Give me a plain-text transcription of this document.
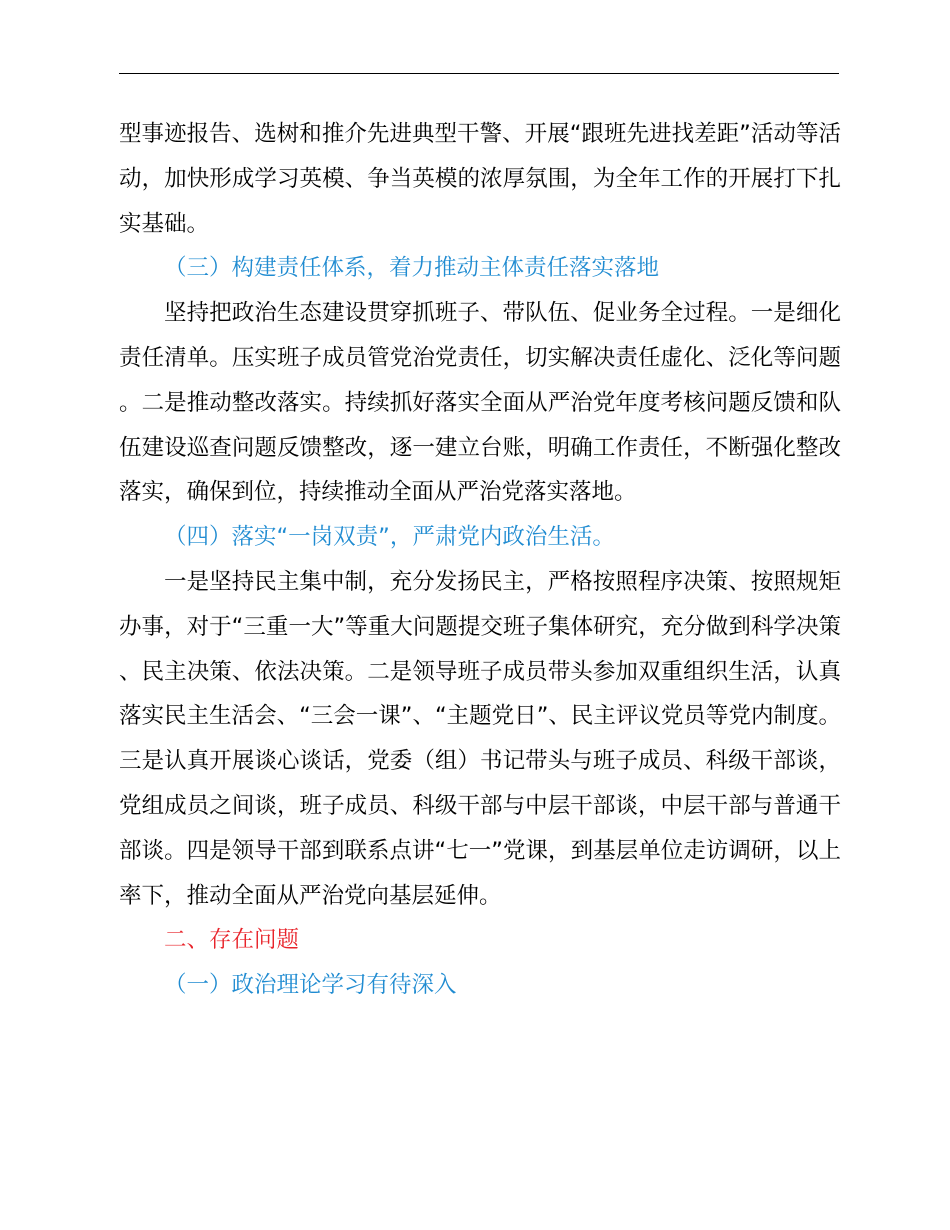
型事迹报告、选树和推介先进典型干警、开展“跟班先进找差距”活动等活动，加快形成学习英模、争当英模的浓厚氛围，为全年工作的开展打下扎实基础。

（三）构建责任体系，着力推动主体责任落实落地

坚持把政治生态建设贯穿抓班子、带队伍、促业务全过程。一是细化责任清单。压实班子成员管党治党责任，切实解决责任虚化、泛化等问题。二是推动整改落实。持续抓好落实全面从严治党年度考核问题反馈和队伍建设巡查问题反馈整改，逐一建立台账，明确工作责任，不断强化整改落实，确保到位，持续推动全面从严治党落实落地。

（四）落实“一岗双责”，严肃党内政治生活。

一是坚持民主集中制，充分发扬民主，严格按照程序决策、按照规矩办事，对于“三重一大”等重大问题提交班子集体研究，充分做到科学决策、民主决策、依法决策。二是领导班子成员带头参加双重组织生活，认真落实民主生活会、“三会一课”、“主题党日”、民主评议党员等党内制度。三是认真开展谈心谈话，党委（组）书记带头与班子成员、科级干部谈，党组成员之间谈，班子成员、科级干部与中层干部谈，中层干部与普通干部谈。四是领导干部到联系点讲“七一”党课，到基层单位走访调研，以上率下，推动全面从严治党向基层延伸。

二、存在问题

（一）政治理论学习有待深入
